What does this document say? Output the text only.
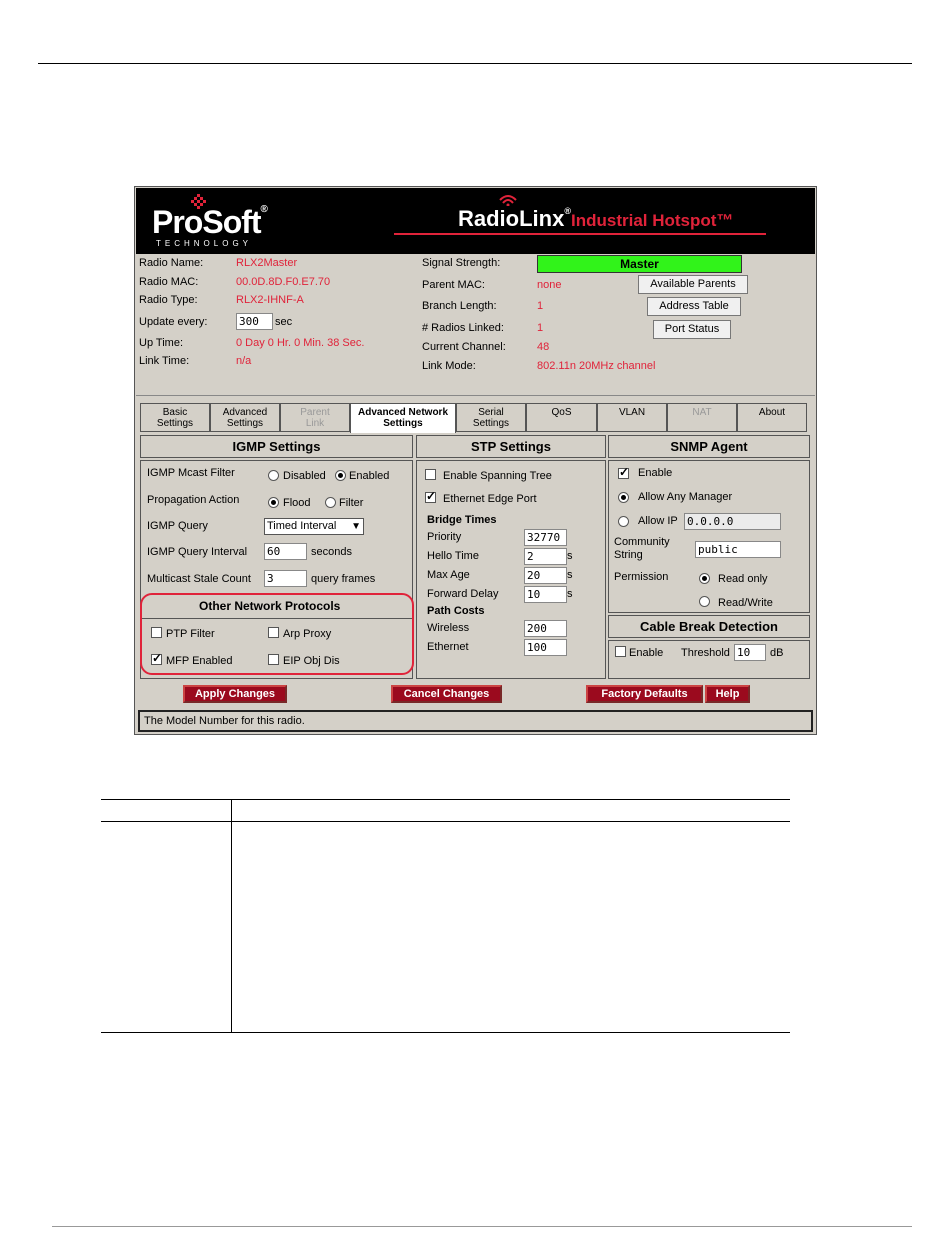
ProSoft®
TECHNOLOGY
RadioLinx®Industrial Hotspot™
Radio Name:	RLX2Master
Radio MAC:	00.0D.8D.F0.E7.70
Radio Type:	RLX2-IHNF-A
Update every:	300	sec
Up Time:	0 Day 0 Hr. 0 Min. 38 Sec.
Link Time:	n/a
Signal Strength:	Master
Parent MAC:	none	Available Parents
Branch Length:	1	Address Table
# Radios Linked:	1	Port Status
Current Channel:	48
Link Mode:	802.11n 20MHz channel
Basic
Settings
Advanced
Settings
Parent
Link
Advanced Network
Settings
Serial
Settings
QoS	VLAN	NAT	About
IGMP Settings
IGMP Mcast Filter	Disabled Enabled
Propagation Action	Flood	Filter
IGMP Query	Timed Interval ▼
IGMP Query Interval 60	seconds
Multicast Stale Count 3	query frames
Other Network Protocols
PTP Filter	Arp Proxy
✓
MFP Enabled	EIP Obj Dis
STP Settings
Enable Spanning Tree
✓
Ethernet Edge Port
Bridge Times
Priority	32770
Hello Time	2	s
Max Age	20	s
Forward Delay	10	s
Path Costs
Wireless	200
Ethernet	100
SNMP Agent
✓
Enable
Allow Any Manager
Allow IP 0.0.0.0
Community
String	public
Permission	Read only
Read/Write
Cable Break Detection
Enable Threshold 10	dB
Apply Changes	Cancel Changes	Factory Defaults	Help
The Model Number for this radio.
